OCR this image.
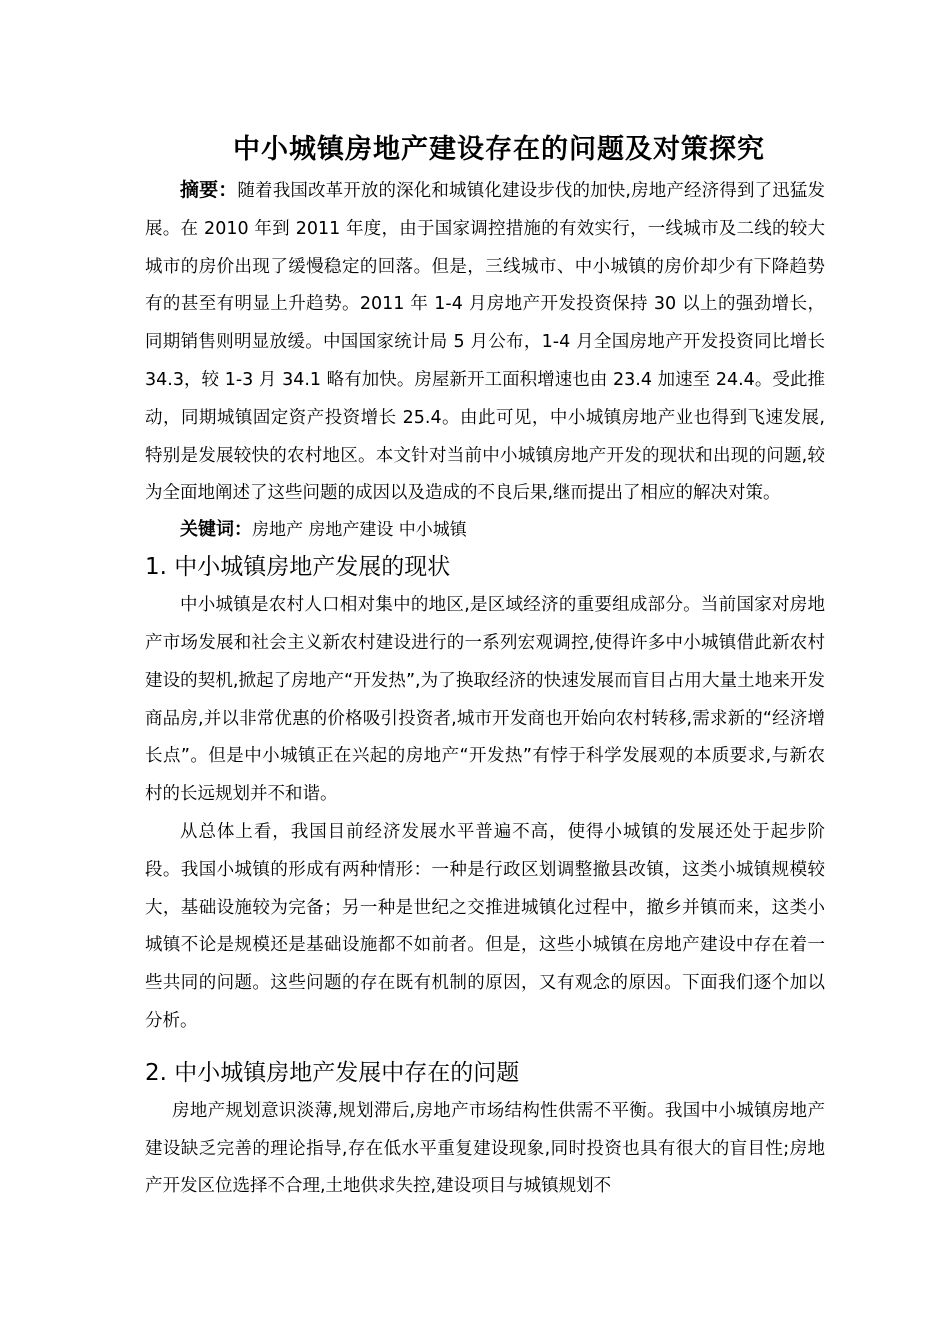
中小城镇房地产建设存在的问题及对策探究

摘要：随着我国改革开放的深化和城镇化建设步伐的加快,房地产经济得到了迅猛发展。在 2010 年到 2011 年度，由于国家调控措施的有效实行，一线城市及二线的较大城市的房价出现了缓慢稳定的回落。但是，三线城市、中小城镇的房价却少有下降趋势有的甚至有明显上升趋势。2011 年 1-4 月房地产开发投资保持 30 以上的强劲增长，同期销售则明显放缓。中国国家统计局 5 月公布，1-4 月全国房地产开发投资同比增长 34.3，较 1-3 月 34.1 略有加快。房屋新开工面积增速也由 23.4 加速至 24.4。受此推动，同期城镇固定资产投资增长 25.4。由此可见，中小城镇房地产业也得到飞速发展,特别是发展较快的农村地区。本文针对当前中小城镇房地产开发的现状和出现的问题,较为全面地阐述了这些问题的成因以及造成的不良后果,继而提出了相应的解决对策。

关键词：房地产 房地产建设 中小城镇

1. 中小城镇房地产发展的现状

中小城镇是农村人口相对集中的地区,是区域经济的重要组成部分。当前国家对房地产市场发展和社会主义新农村建设进行的一系列宏观调控,使得许多中小城镇借此新农村建设的契机,掀起了房地产“开发热”,为了换取经济的快速发展而盲目占用大量土地来开发商品房,并以非常优惠的价格吸引投资者,城市开发商也开始向农村转移,需求新的“经济增长点”。但是中小城镇正在兴起的房地产“开发热”有悖于科学发展观的本质要求,与新农村的长远规划并不和谐。

从总体上看，我国目前经济发展水平普遍不高，使得小城镇的发展还处于起步阶段。我国小城镇的形成有两种情形：一种是行政区划调整撤县改镇，这类小城镇规模较大，基础设施较为完备；另一种是世纪之交推进城镇化过程中，撤乡并镇而来，这类小城镇不论是规模还是基础设施都不如前者。但是，这些小城镇在房地产建设中存在着一些共同的问题。这些问题的存在既有机制的原因，又有观念的原因。下面我们逐个加以分析。

2. 中小城镇房地产发展中存在的问题

房地产规划意识淡薄,规划滞后,房地产市场结构性供需不平衡。我国中小城镇房地产建设缺乏完善的理论指导,存在低水平重复建设现象,同时投资也具有很大的盲目性;房地产开发区位选择不合理,土地供求失控,建设项目与城镇规划不
